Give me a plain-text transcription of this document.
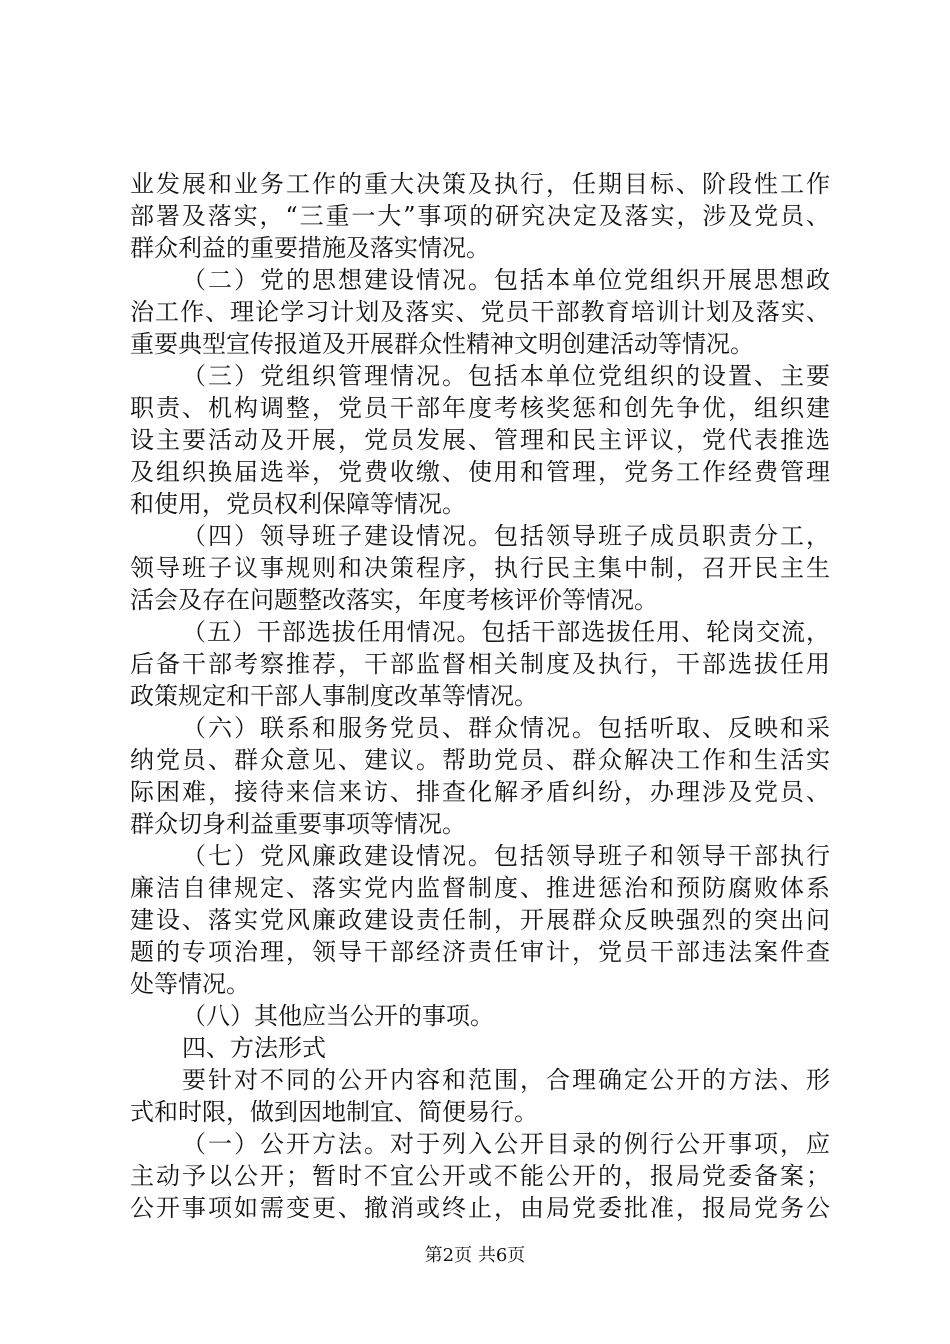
业发展和业务工作的重大决策及执行，任期目标、阶段性工作
部署及落实，“三重一大”事项的研究决定及落实，涉及党员、
群众利益的重要措施及落实情况。
（二）党的思想建设情况。包括本单位党组织开展思想政
治工作、理论学习计划及落实、党员干部教育培训计划及落实、
重要典型宣传报道及开展群众性精神文明创建活动等情况。
（三）党组织管理情况。包括本单位党组织的设置、主要
职责、机构调整，党员干部年度考核奖惩和创先争优，组织建
设主要活动及开展，党员发展、管理和民主评议，党代表推选
及组织换届选举，党费收缴、使用和管理，党务工作经费管理
和使用，党员权利保障等情况。
（四）领导班子建设情况。包括领导班子成员职责分工，
领导班子议事规则和决策程序，执行民主集中制，召开民主生
活会及存在问题整改落实，年度考核评价等情况。
（五）干部选拔任用情况。包括干部选拔任用、轮岗交流，
后备干部考察推荐，干部监督相关制度及执行，干部选拔任用
政策规定和干部人事制度改革等情况。
（六）联系和服务党员、群众情况。包括听取、反映和采
纳党员、群众意见、建议。帮助党员、群众解决工作和生活实
际困难，接待来信来访、排查化解矛盾纠纷，办理涉及党员、
群众切身利益重要事项等情况。
（七）党风廉政建设情况。包括领导班子和领导干部执行
廉洁自律规定、落实党内监督制度、推进惩治和预防腐败体系
建设、落实党风廉政建设责任制，开展群众反映强烈的突出问
题的专项治理，领导干部经济责任审计，党员干部违法案件查
处等情况。
（八）其他应当公开的事项。
四、方法形式
要针对不同的公开内容和范围，合理确定公开的方法、形
式和时限，做到因地制宜、简便易行。
（一）公开方法。对于列入公开目录的例行公开事项，应
主动予以公开；暂时不宜公开或不能公开的，报局党委备案；
公开事项如需变更、撤消或终止，由局党委批准，报局党务公
第2页 共6页
